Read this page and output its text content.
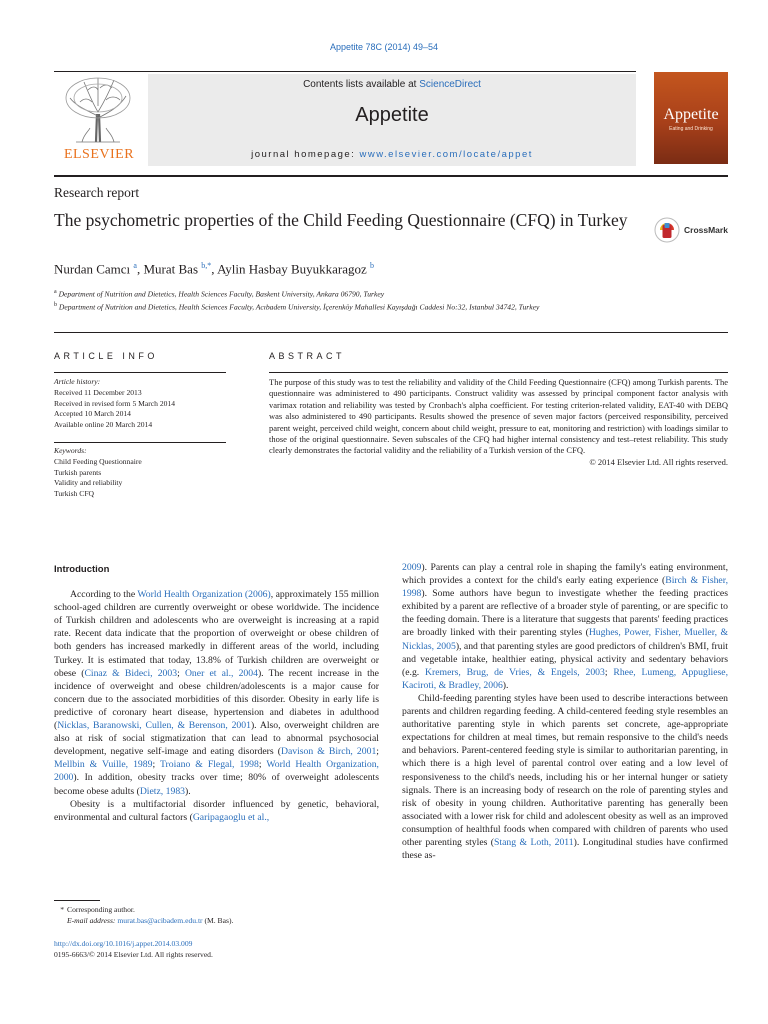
Appetite 78C (2014) 49–54
ELSEVIER
Contents lists available at ScienceDirect
Appetite
journal homepage: www.elsevier.com/locate/appet
Appetite
Eating and Drinking
Research report
The psychometric properties of the Child Feeding Questionnaire (CFQ) in Turkey	CrossMark
Nurdan Camcı $^a$, Murat Bas $^{b,*}$, Aylin Hasbay Buyukkaragoz $^b$
$^a$ Department of Nutrition and Dietetics, Health Sciences Faculty, Baskent University, Ankara 06790, Turkey
$^b$ Department of Nutrition and Dietetics, Health Sciences Faculty, Acıbadem University, İçerenköy Mahallesi Kayışdağı Caddesi No:32, Istanbul 34742, Turkey
ARTICLE INFO	ABSTRACT
Article history:
Received 11 December 2013
Received in revised form 5 March 2014
Accepted 10 March 2014
Available online 20 March 2014
Keywords:
Child Feeding Questionnaire
Turkish parents
Validity and reliability
Turkish CFQ
The purpose of this study was to test the reliability and validity of the Child Feeding Questionnaire (CFQ) among Turkish parents. The questionnaire was administered to 490 participants. Construct validity was assessed by principal component factor analysis with varimax rotation and reliability was tested by Cronbach's alpha coefficient. For testing criterion-related validity, EAT-40 with DEBQ was also administered to 490 participants. Results showed the presence of seven major factors (perceived responsibility, perceived parent weight, perceived child weight, concern about child weight, pressure to eat, monitoring and restriction) with loadings similar to those of the original questionnaire. Seven subscales of the CFQ had higher internal consistency and test–retest reliability. This study clearly demonstrates the factorial validity and the reliability of a Turkish version of the CFQ.
© 2014 Elsevier Ltd. All rights reserved.
Introduction

According to the World Health Organization (2006), approximately 155 million school-aged children are currently overweight or obese worldwide. The incidence of Turkish children and adolescents who are overweight is increasing at a rapid rate. Recent data indicate that the proportion of overweight or obese children of both genders has increased markedly in different areas of the world, including Turkey. It is estimated that today, 13.8% of Turkish children are overweight or obese (Cinaz & Bideci, 2003; Oner et al., 2004). The recent increase in the incidence of overweight and obese children/adolescents is a major cause for concern due to the associated morbidities of this disorder. Obesity in early life is predictive of coronary heart disease, hypertension and diabetes in adulthood (Nicklas, Baranowski, Cullen, & Berenson, 2001). Also, overweight children are also at risk of social stigmatization that can lead to abnormal psychosocial development, negative self-image and eating disorders (Davison & Birch, 2001; Mellbin & Vuille, 1989; Troiano & Flegal, 1998; World Health Organization, 2000). In addition, obesity tracks over time; 80% of overweight adolescents become obese adults (Dietz, 1983).

Obesity is a multifactorial disorder influenced by genetic, behavioral, environmental and cultural factors (Garipagaoglu et al.,

2009). Parents can play a central role in shaping the family's eating environment, which provides a context for the child's early eating experience (Birch & Fisher, 1998). Some authors have begun to investigate whether the feeding practices exhibited by a parent are reflective of a broader style of parenting, or are specific to the feeding domain. There is a literature that suggests that parents' feeding practices are broadly linked with their parenting styles (Hughes, Power, Fisher, Mueller, & Nicklas, 2005), and that parenting styles are good predictors of children's BMI, fruit and vegetable intake, healthier eating, physical activity and sedentary behaviors (e.g. Kremers, Brug, de Vries, & Engels, 2003; Rhee, Lumeng, Appugliese, Kaciroti, & Bradley, 2006).

Child-feeding parenting styles have been used to describe interactions between parents and children regarding feeding. A child-centered feeding style resembles an authoritative parenting style in which parents set concrete, age-appropriate expectations for children at meal times, but remain responsive to the child's needs and behaviors. Parent-centered feeding style is similar to authoritarian parenting, in which there is a high level of parental control over eating and a low level of responsiveness to the child's needs, including his or her internal hunger or satiety signals. There is an increasing body of research on the role of parenting styles and risk of obesity in young children. Authoritative parenting has generally been associated with a lower risk for child and adolescent obesity as well as an improved consumption of healthful foods when compared with children of parents who used other parenting styles (Stang & Loth, 2011). Longitudinal studies have confirmed these as-

* Corresponding author.
E-mail address: murat.bas@acibadem.edu.tr (M. Bas).
http://dx.doi.org/10.1016/j.appet.2014.03.009
0195-6663/© 2014 Elsevier Ltd. All rights reserved.
